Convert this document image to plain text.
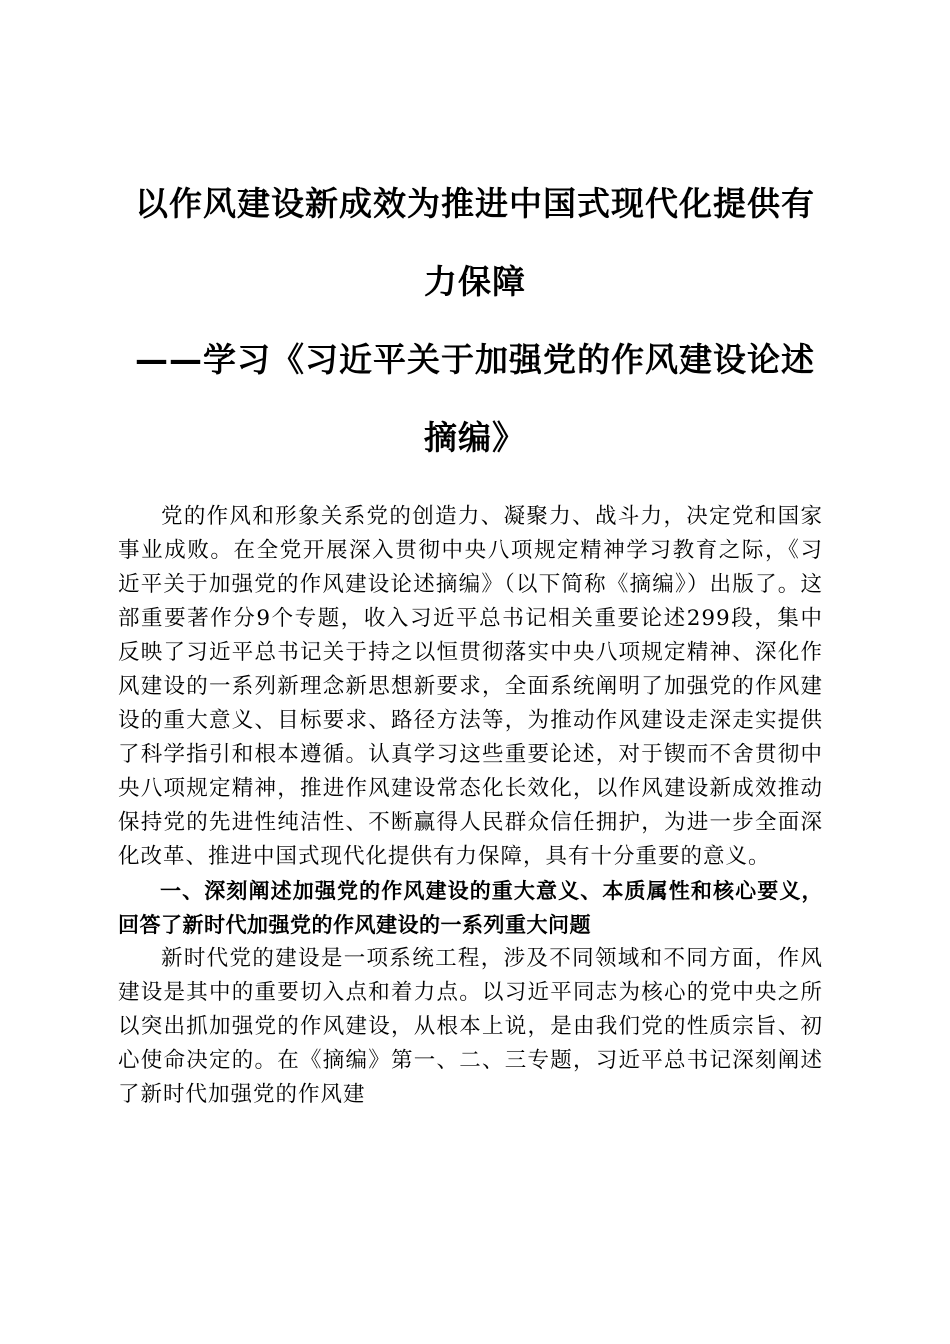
以作风建设新成效为推进中国式现代化提供有
力保障
——学习《习近平关于加强党的作风建设论述
摘编》

党的作风和形象关系党的创造力、凝聚力、战斗力，决定党和国家事业成败。在全党开展深入贯彻中央八项规定精神学习教育之际，《习近平关于加强党的作风建设论述摘编》（以下简称《摘编》）出版了。这部重要著作分9个专题，收入习近平总书记相关重要论述299段，集中反映了习近平总书记关于持之以恒贯彻落实中央八项规定精神、深化作风建设的一系列新理念新思想新要求，全面系统阐明了加强党的作风建设的重大意义、目标要求、路径方法等，为推动作风建设走深走实提供了科学指引和根本遵循。认真学习这些重要论述，对于锲而不舍贯彻中央八项规定精神，推进作风建设常态化长效化，以作风建设新成效推动保持党的先进性纯洁性、不断赢得人民群众信任拥护，为进一步全面深化改革、推进中国式现代化提供有力保障，具有十分重要的意义。

一、深刻阐述加强党的作风建设的重大意义、本质属性和核心要义，回答了新时代加强党的作风建设的一系列重大问题

新时代党的建设是一项系统工程，涉及不同领域和不同方面，作风建设是其中的重要切入点和着力点。以习近平同志为核心的党中央之所以突出抓加强党的作风建设，从根本上说，是由我们党的性质宗旨、初心使命决定的。在《摘编》第一、二、三专题，习近平总书记深刻阐述了新时代加强党的作风建
